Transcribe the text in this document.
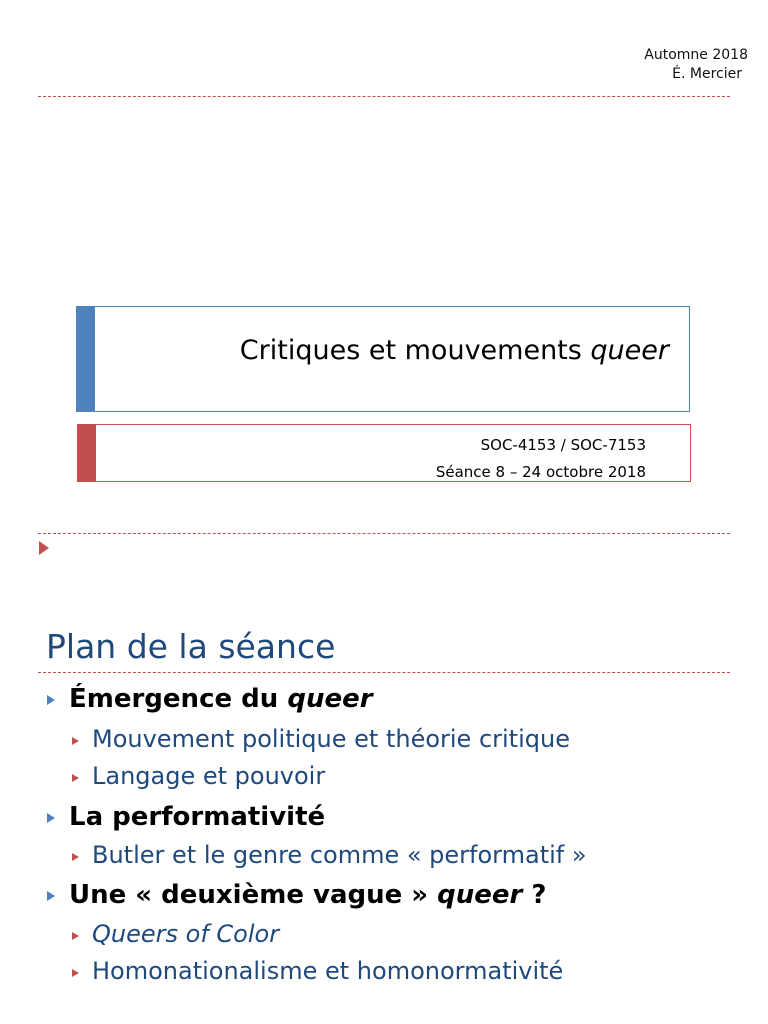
Automne 2018
É. Mercier
Critiques et mouvements queer
SOC-4153 / SOC-7153
Séance 8 – 24 octobre 2018
Plan de la séance
Émergence du queer
Mouvement politique et théorie critique
Langage et pouvoir
La performativité
Butler et le genre comme « performatif »
Une « deuxième vague » queer ?
Queers of Color
Homonationalisme et homonormativité
